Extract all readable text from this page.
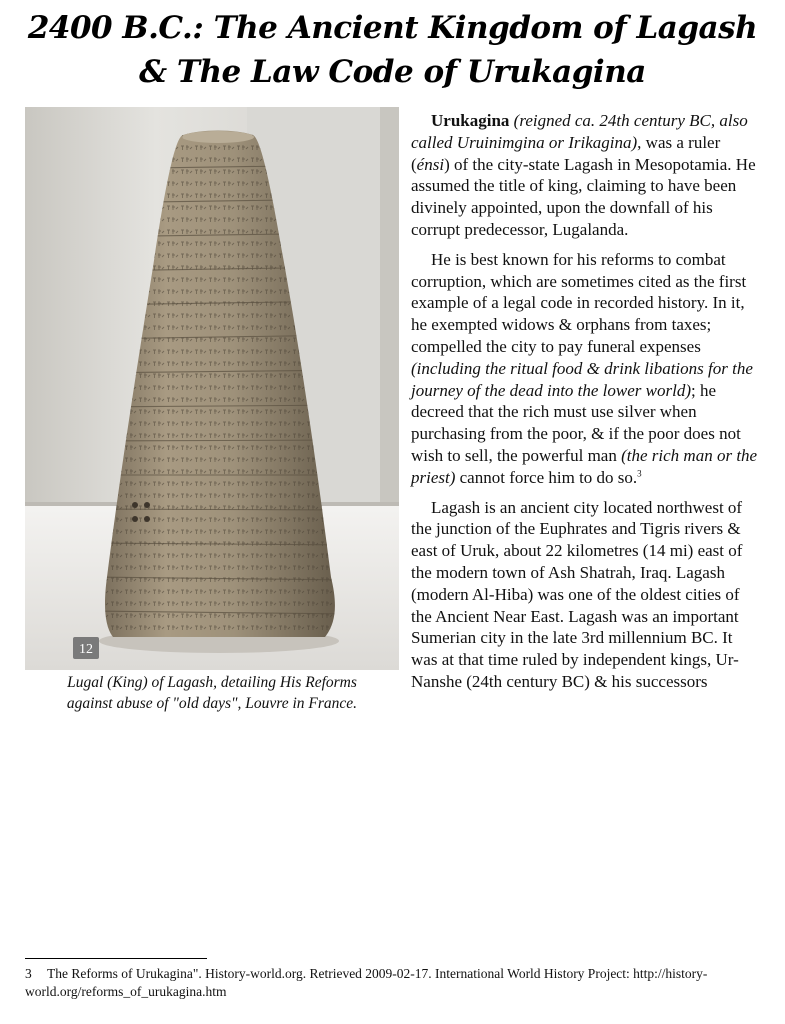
2400 B.C.: The Ancient Kingdom of Lagash
& The Law Code of Urukagina
12
Lugal (King) of Lagash, detailing His Reforms
against abuse of "old days", Louvre in France.

Urukagina (reigned ca. 24th century BC, also called Uruinimgina or Irikagina), was a ruler (énsi) of the city-state Lagash in Mesopotamia. He assumed the title of king, claiming to have been divinely appointed, upon the downfall of his corrupt predecessor, Lugalanda.

He is best known for his reforms to combat corruption, which are sometimes cited as the first example of a legal code in recorded history. In it, he exempted widows & orphans from taxes; compelled the city to pay funeral expenses (including the ritual food & drink libations for the journey of the dead into the lower world); he decreed that the rich must use silver when purchasing from the poor, & if the poor does not wish to sell, the powerful man (the rich man or the priest) cannot force him to do so.$^3$

Lagash is an ancient city located northwest of the junction of the Euphrates and Tigris rivers & east of Uruk, about 22 kilometres (14 mi) east of the modern town of Ash Shatrah, Iraq. Lagash (modern Al-Hiba) was one of the oldest cities of the Ancient Near East. Lagash was an important Sumerian city in the late 3rd millennium BC. It was at that time ruled by independent kings, Ur-Nanshe (24th century BC) & his successors

3 The Reforms of Urukagina". History-world.org. Retrieved 2009-02-17. International World History Project: http://history-world.org/reforms_of_urukagina.htm
